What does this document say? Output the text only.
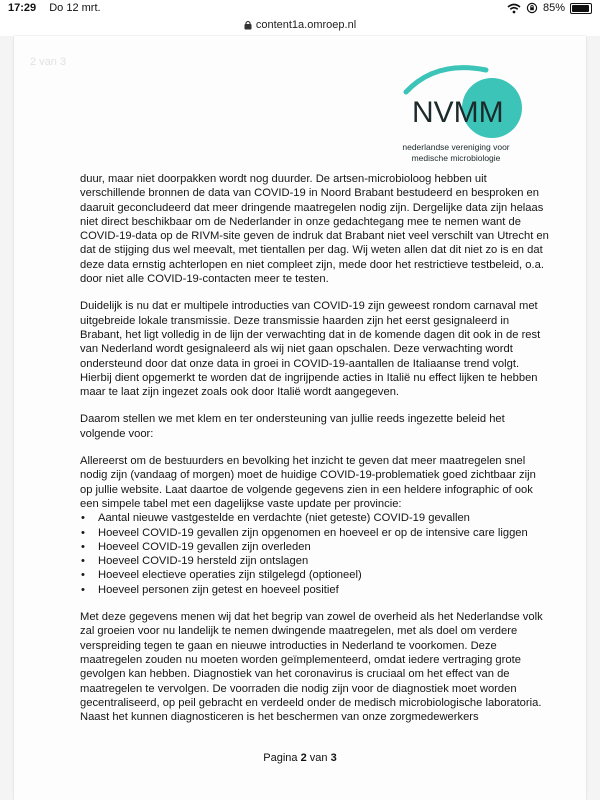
17:29 Do 12 mrt.	85%
content1a.omroep.nl
2 van 3
NVMM
nederlandse vereniging voor
medische microbiologie

duur, maar niet doorpakken wordt nog duurder. De artsen-microbioloog hebben uit verschillende bronnen de data van COVID-19 in Noord Brabant bestudeerd en besproken en daaruit geconcludeerd dat meer dringende maatregelen nodig zijn. Dergelijke data zijn helaas niet direct beschikbaar om de Nederlander in onze gedachtegang mee te nemen want de COVID-19-data op de RIVM-site geven de indruk dat Brabant niet veel verschilt van Utrecht en dat de stijging dus wel meevalt, met tientallen per dag. Wij weten allen dat dit niet zo is en dat deze data ernstig achterlopen en niet compleet zijn, mede door het restrictieve testbeleid, o.a. door niet alle COVID-19-contacten meer te testen.

Duidelijk is nu dat er multipele introducties van COVID-19 zijn geweest rondom carnaval met uitgebreide lokale transmissie. Deze transmissie haarden zijn het eerst gesignaleerd in Brabant, het ligt volledig in de lijn der verwachting dat in de komende dagen dit ook in de rest van Nederland wordt gesignaleerd als wij niet gaan opschalen. Deze verwachting wordt ondersteund door dat onze data in groei in COVID-19-aantallen de Italiaanse trend volgt. Hierbij dient opgemerkt te worden dat de ingrijpende acties in Italië nu effect lijken te hebben maar te laat zijn ingezet zoals ook door Italië wordt aangegeven.

Daarom stellen we met klem en ter ondersteuning van jullie reeds ingezette beleid het volgende voor:

Allereerst om de bestuurders en bevolking het inzicht te geven dat meer maatregelen snel nodig zijn (vandaag of morgen) moet de huidige COVID-19-problematiek goed zichtbaar zijn op jullie website. Laat daartoe de volgende gegevens zien in een heldere infographic of ook een simpele tabel met een dagelijkse vaste update per provincie:

• Aantal nieuwe vastgestelde en verdachte (niet geteste) COVID-19 gevallen
• Hoeveel COVID-19 gevallen zijn opgenomen en hoeveel er op de intensive care liggen
• Hoeveel COVID-19 gevallen zijn overleden
• Hoeveel COVID-19 hersteld zijn ontslagen
• Hoeveel electieve operaties zijn stilgelegd (optioneel)
• Hoeveel personen zijn getest en hoeveel positief

Met deze gegevens menen wij dat het begrip van zowel de overheid als het Nederlandse volk zal groeien voor nu landelijk te nemen dwingende maatregelen, met als doel om verdere verspreiding tegen te gaan en nieuwe introducties in Nederland te voorkomen. Deze maatregelen zouden nu moeten worden geïmplementeerd, omdat iedere vertraging grote gevolgen kan hebben. Diagnostiek van het coronavirus is cruciaal om het effect van de maatregelen te vervolgen. De voorraden die nodig zijn voor de diagnostiek moet worden gecentraliseerd, op peil gebracht en verdeeld onder de medisch microbiologische laboratoria. Naast het kunnen diagnosticeren is het beschermen van onze zorgmedewerkers

Pagina 2 van 3
